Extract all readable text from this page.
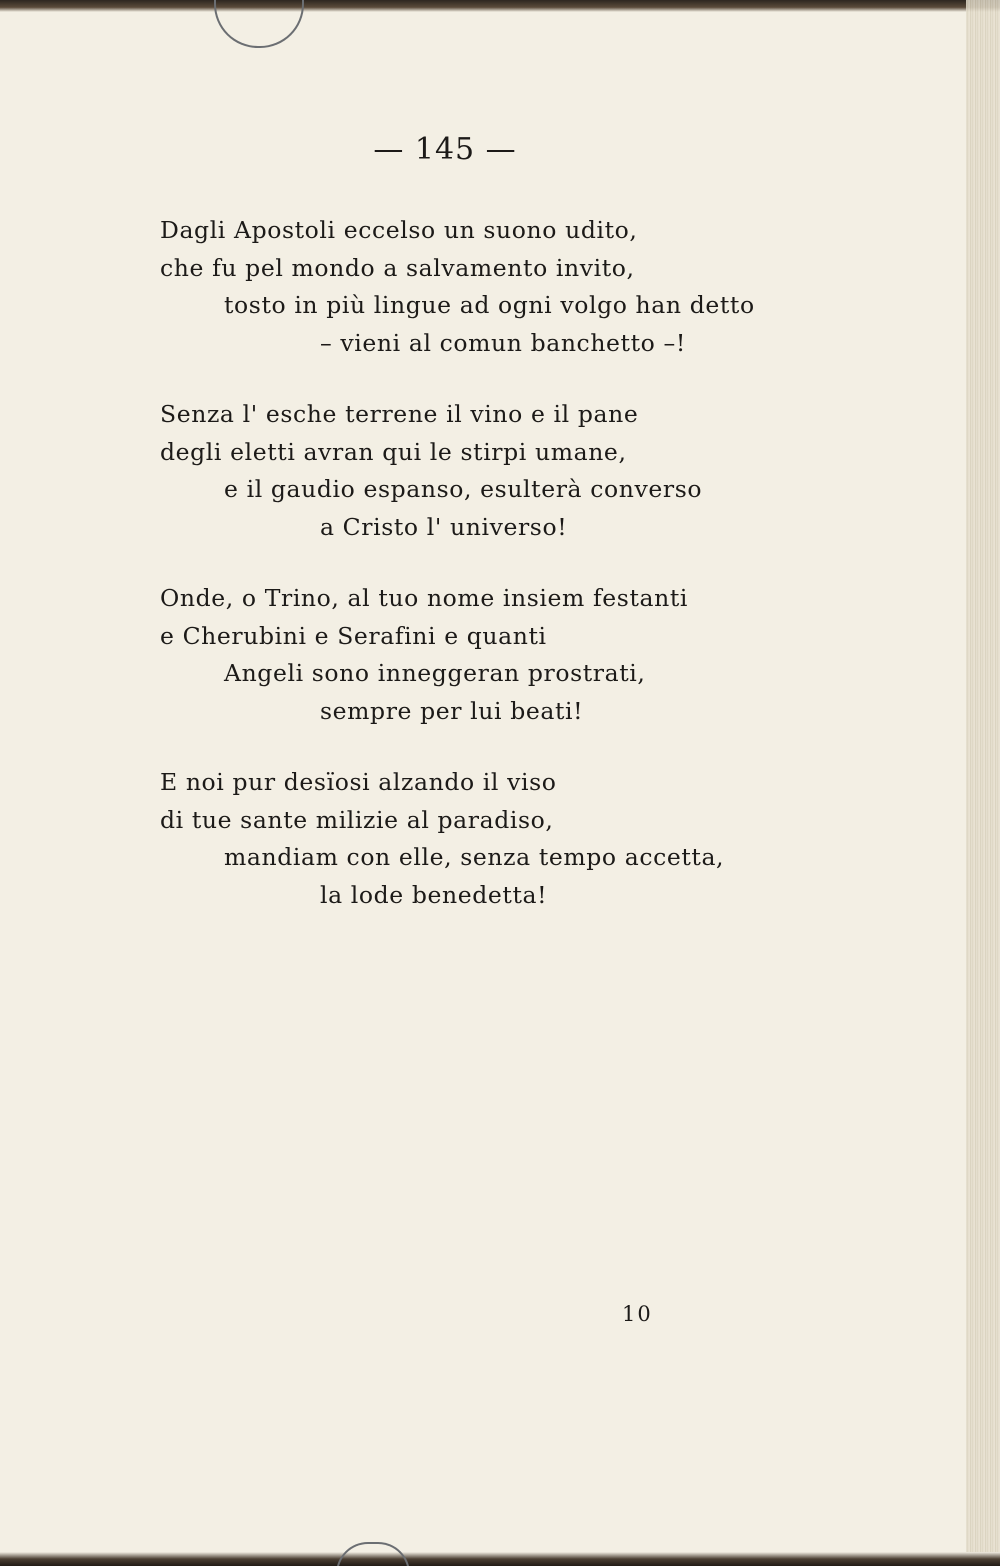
— 145 —
Dagli Apostoli eccelso un suono udito,
che fu pel mondo a salvamento invito,
tosto in più lingue ad ogni volgo han detto
– vieni al comun banchetto –!
Senza l' esche terrene il vino e il pane
degli eletti avran qui le stirpi umane,
e il gaudio espanso, esulterà converso
a Cristo l' universo!
Onde, o Trino, al tuo nome insiem festanti
e Cherubini e Serafini e quanti
Angeli sono inneggeran prostrati,
sempre per lui beati!
E noi pur desïosi alzando il viso
di tue sante milizie al paradiso,
mandiam con elle, senza tempo accetta,
la lode benedetta!
10
